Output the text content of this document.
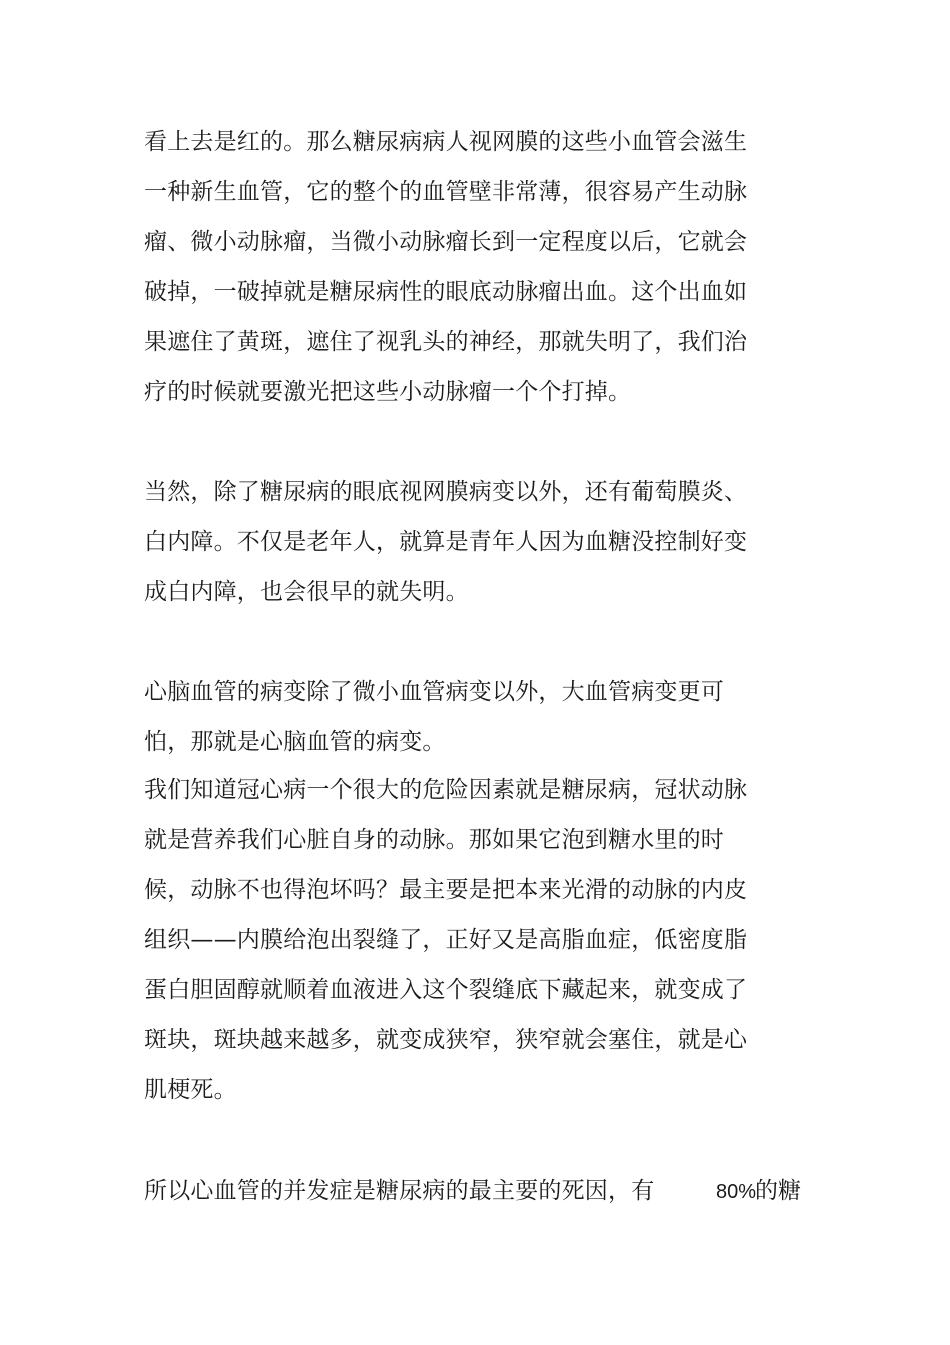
看上去是红的。那么糖尿病病人视网膜的这些小血管会滋生
一种新生血管，它的整个的血管壁非常薄，很容易产生动脉
瘤、微小动脉瘤，当微小动脉瘤长到一定程度以后，它就会
破掉，一破掉就是糖尿病性的眼底动脉瘤出血。这个出血如
果遮住了黄斑，遮住了视乳头的神经，那就失明了，我们治
疗的时候就要激光把这些小动脉瘤一个个打掉。
当然，除了糖尿病的眼底视网膜病变以外，还有葡萄膜炎、
白内障。不仅是老年人，就算是青年人因为血糖没控制好变
成白内障，也会很早的就失明。
心脑血管的病变除了微小血管病变以外，大血管病变更可
怕，那就是心脑血管的病变。
我们知道冠心病一个很大的危险因素就是糖尿病，冠状动脉
就是营养我们心脏自身的动脉。那如果它泡到糖水里的时
候，动脉不也得泡坏吗？最主要是把本来光滑的动脉的内皮
组织——内膜给泡出裂缝了，正好又是高脂血症，低密度脂
蛋白胆固醇就顺着血液进入这个裂缝底下藏起来，就变成了
斑块，斑块越来越多，就变成狭窄，狭窄就会塞住，就是心
肌梗死。
所以心血管的并发症是糖尿病的最主要的死因，有	80%
的糖
